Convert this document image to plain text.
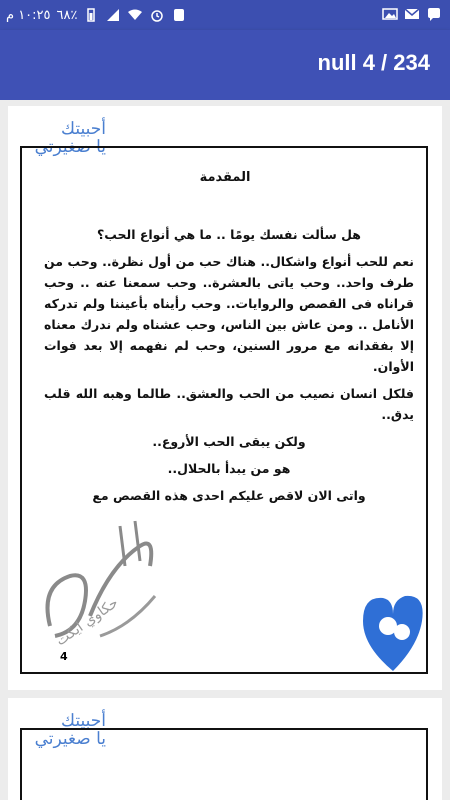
١٠:٢٥ م ٦٨٪
null 4 / 234
أحبيتك
يا صغيرتي
المقدمة

هل سألت نفسك يومًا .. ما هي أنواع الحب؟

نعم للحب أنواع واشكال.. هناك حب من أول نظرة.. وحب من طرف واحد.. وحب ياتى بالعشرة.. وحب سمعنا عنه .. وحب قراناه فى القصص والروايات.. وحب رأيناه بأعيننا ولم تدركه الأنامل .. ومن عاش بين الناس، وحب عشناه ولم ندرك معناه إلا بفقدانه مع مرور السنين، وحب لم نفهمه إلا بعد فوات الأوان.

فلكل انسان نصيب من الحب والعشق.. طالما وهبه الله قلب يدق..

ولكن يبقى الحب الأروع..

هو من يبدأ بالحلال..

واتى الان لاقص عليكم احدى هذه القصص مع

حكاوي ايكت
4
أحبيتك
يا صغيرتي
